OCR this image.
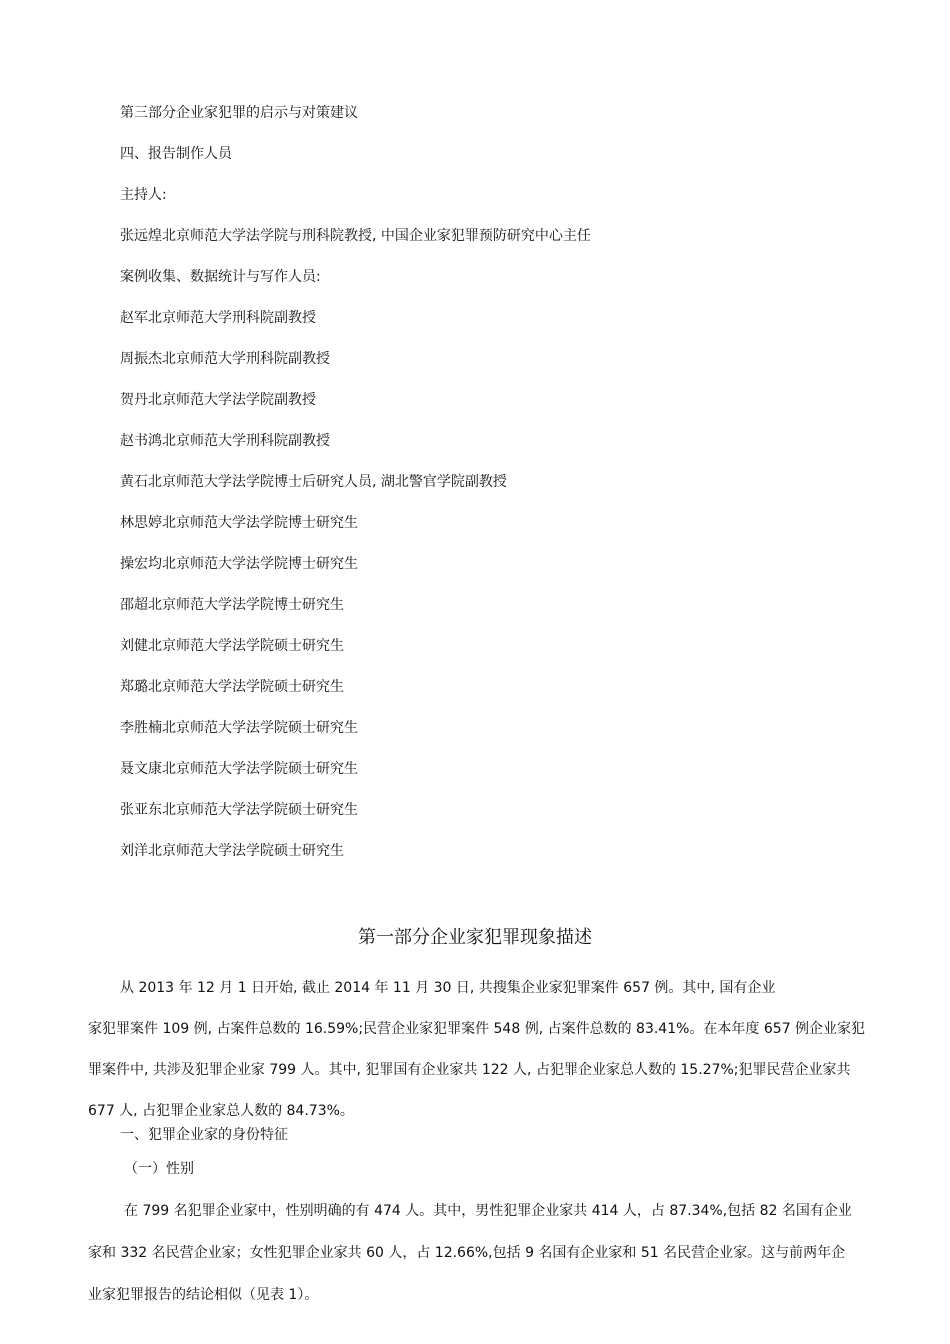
第三部分企业家犯罪的启示与对策建议
四、报告制作人员
主持人:
张远煌北京师范大学法学院与刑科院教授, 中国企业家犯罪预防研究中心主任
案例收集、数据统计与写作人员:
赵军北京师范大学刑科院副教授
周振杰北京师范大学刑科院副教授
贺丹北京师范大学法学院副教授
赵书鸿北京师范大学刑科院副教授
黄石北京师范大学法学院博士后研究人员, 湖北警官学院副教授
林思婷北京师范大学法学院博士研究生
操宏均北京师范大学法学院博士研究生
邵超北京师范大学法学院博士研究生
刘健北京师范大学法学院硕士研究生
郑璐北京师范大学法学院硕士研究生
李胜楠北京师范大学法学院硕士研究生
聂文康北京师范大学法学院硕士研究生
张亚东北京师范大学法学院硕士研究生
刘洋北京师范大学法学院硕士研究生
第一部分企业家犯罪现象描述
从 2013 年 12 月 1 日开始, 截止 2014 年 11 月 30 日, 共搜集企业家犯罪案件 657 例。其中, 国有企业
家犯罪案件 109 例, 占案件总数的 16.59%;民营企业家犯罪案件 548 例, 占案件总数的 83.41%。在本年度 657 例企业家犯
罪案件中, 共涉及犯罪企业家 799 人。其中, 犯罪国有企业家共 122 人, 占犯罪企业家总人数的 15.27%;犯罪民营企业家共
677 人, 占犯罪企业家总人数的 84.73%。
一、犯罪企业家的身份特征
（一）性别
在 799 名犯罪企业家中，性别明确的有 474 人。其中，男性犯罪企业家共 414 人，占 87.34%,包括 82 名国有企业
家和 332 名民营企业家；女性犯罪企业家共 60 人，占 12.66%,包括 9 名国有企业家和 51 名民营企业家。这与前两年企
业家犯罪报告的结论相似（见表 1）。
